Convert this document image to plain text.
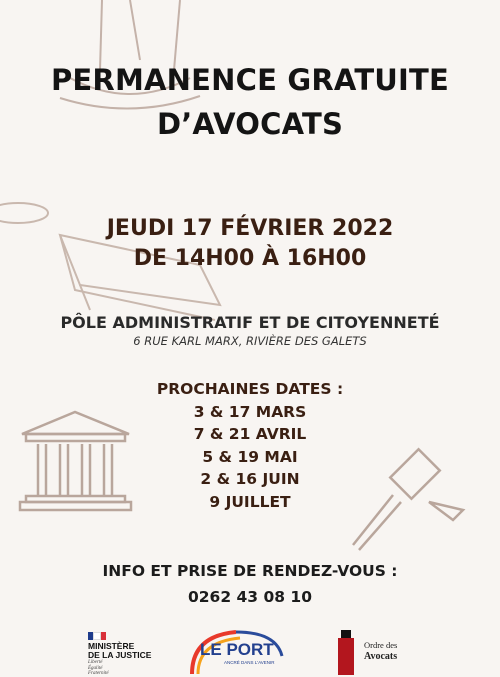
PERMANENCE GRATUITE
D’AVOCATS
JEUDI 17 FÉVRIER 2022
DE 14H00 À 16H00
PÔLE ADMINISTRATIF ET DE CITOYENNETÉ
6 RUE KARL MARX, RIVIÈRE DES GALETS
PROCHAINES DATES :
3 & 17 MARS
7 & 21 AVRIL
5 & 19 MAI
2 & 16 JUIN
9 JUILLET
INFO ET PRISE DE RENDEZ-VOUS :
0262 43 08 10
MINISTÈRE
DE LA JUSTICE
Liberté
Égalité
Fraternité
LE PORT
ANCRÉ DANS L'AVENIR
Ordre des
Avocats
